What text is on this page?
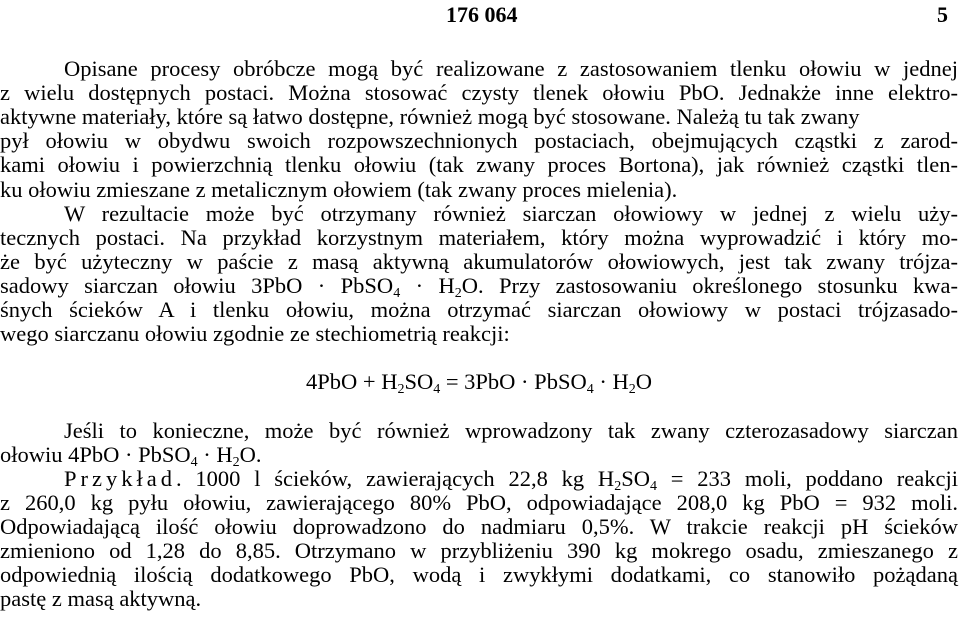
176 064	5
Opisane procesy obróbcze mogą być realizowane z zastosowaniem tlenku ołowiu w jednej
z wielu dostępnych postaci. Można stosować czysty tlenek ołowiu PbO. Jednakże inne elektro-
aktywne materiały, które są łatwo dostępne, również mogą być stosowane. Należą tu tak zwany
pył ołowiu w obydwu swoich rozpowszechnionych postaciach, obejmujących cząstki z zarod-
kami ołowiu i powierzchnią tlenku ołowiu (tak zwany proces Bortona), jak również cząstki tlen-
ku ołowiu zmieszane z metalicznym ołowiem (tak zwany proces mielenia).
W rezultacie może być otrzymany również siarczan ołowiowy w jednej z wielu uży-
tecznych postaci. Na przykład korzystnym materiałem, który można wyprowadzić i który mo-
że być użyteczny w paście z masą aktywną akumulatorów ołowiowych, jest tak zwany trójza-
sadowy siarczan ołowiu 3PbO · PbSO$_4$ · $H_2O$. Przy zastosowaniu określonego stosunku kwa-
śnych ścieków A i tlenku ołowiu, można otrzymać siarczan ołowiowy w postaci trójzasado-
wego siarczanu ołowiu zgodnie ze stechiometrią reakcji:
$4PbO + H_2SO_4 = 3PbO$ · PbSO$_4$ · $H_2O$
Jeśli to konieczne, może być również wprowadzony tak zwany czterozasadowy siarczan
ołowiu 4PbO · PbSO$_4$ · $H_2O$.
Przykład. 1000 l ścieków, zawierających 22,8 kg $H_2SO_4 = 233$ moli, poddano reakcji
z 260,0 kg pyłu ołowiu, zawierającego 80% PbO, odpowiadające 208,0 kg PbO = 932 moli.
Odpowiadającą ilość ołowiu doprowadzono do nadmiaru 0,5%. W trakcie reakcji pH ścieków
zmieniono od 1,28 do 8,85. Otrzymano w przybliżeniu 390 kg mokrego osadu, zmieszanego z
odpowiednią ilością dodatkowego PbO, wodą i zwykłymi dodatkami, co stanowiło pożądaną
pastę z masą aktywną.
